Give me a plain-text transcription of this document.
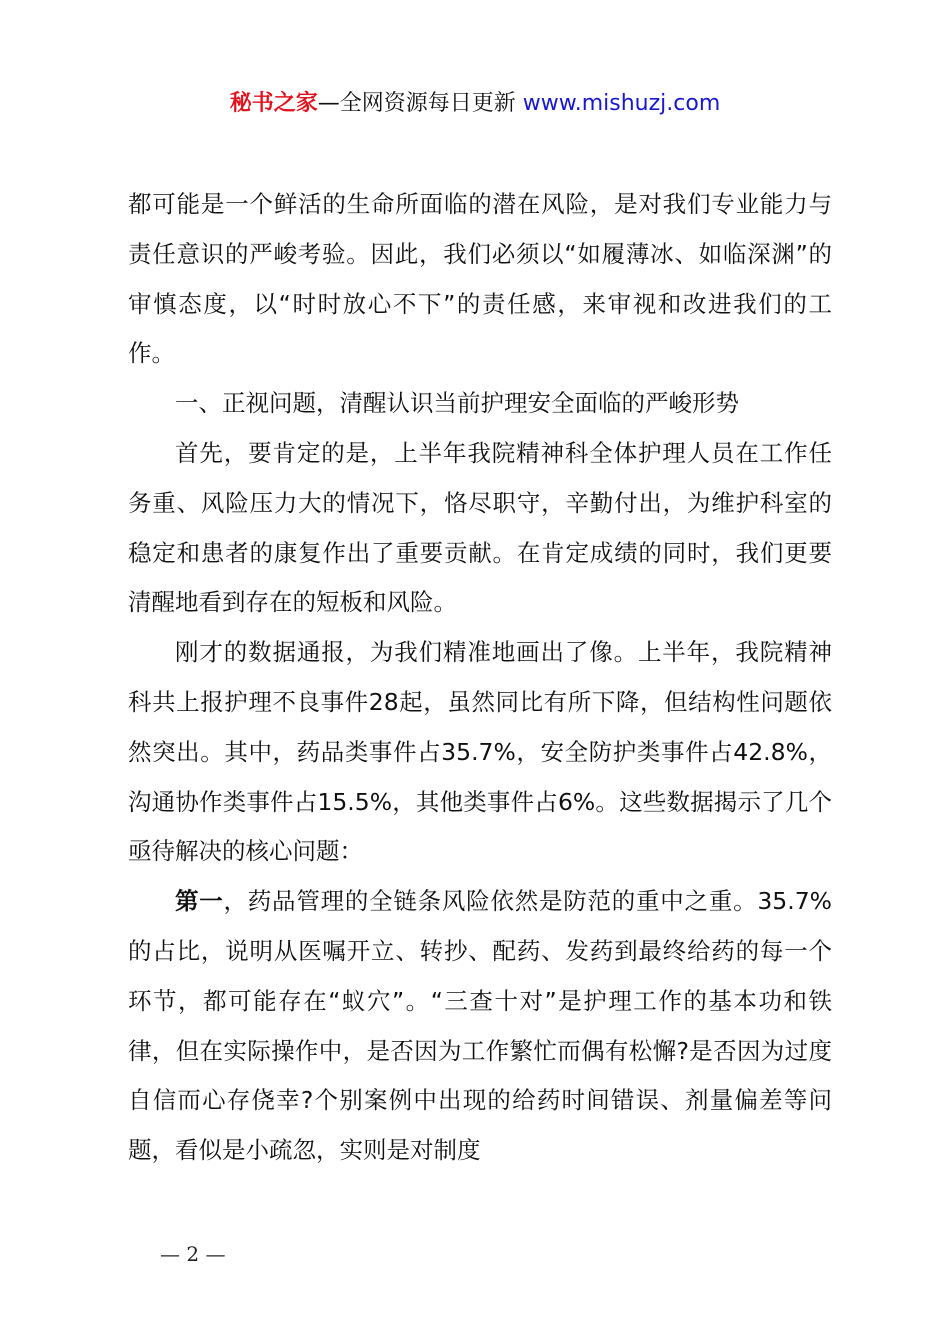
秘书之家—全网资源每日更新 www.mishuzj.com

都可能是一个鲜活的生命所面临的潜在风险，是对我们专业能力与责任意识的严峻考验。因此，我们必须以“如履薄冰、如临深渊”的审慎态度，以“时时放心不下”的责任感，来审视和改进我们的工作。

一、正视问题，清醒认识当前护理安全面临的严峻形势

首先，要肯定的是，上半年我院精神科全体护理人员在工作任务重、风险压力大的情况下，恪尽职守，辛勤付出，为维护科室的稳定和患者的康复作出了重要贡献。在肯定成绩的同时，我们更要清醒地看到存在的短板和风险。

刚才的数据通报，为我们精准地画出了像。上半年，我院精神科共上报护理不良事件28起，虽然同比有所下降，但结构性问题依然突出。其中，药品类事件占35.7%，安全防护类事件占42.8%，沟通协作类事件占15.5%，其他类事件占6%。这些数据揭示了几个亟待解决的核心问题：

第一，药品管理的全链条风险依然是防范的重中之重。35.7%的占比，说明从医嘱开立、转抄、配药、发药到最终给药的每一个环节，都可能存在“蚁穴”。“三查十对”是护理工作的基本功和铁律，但在实际操作中，是否因为工作繁忙而偶有松懈?是否因为过度自信而心存侥幸?个别案例中出现的给药时间错误、剂量偏差等问题，看似是小疏忽，实则是对制度

— 2 —
